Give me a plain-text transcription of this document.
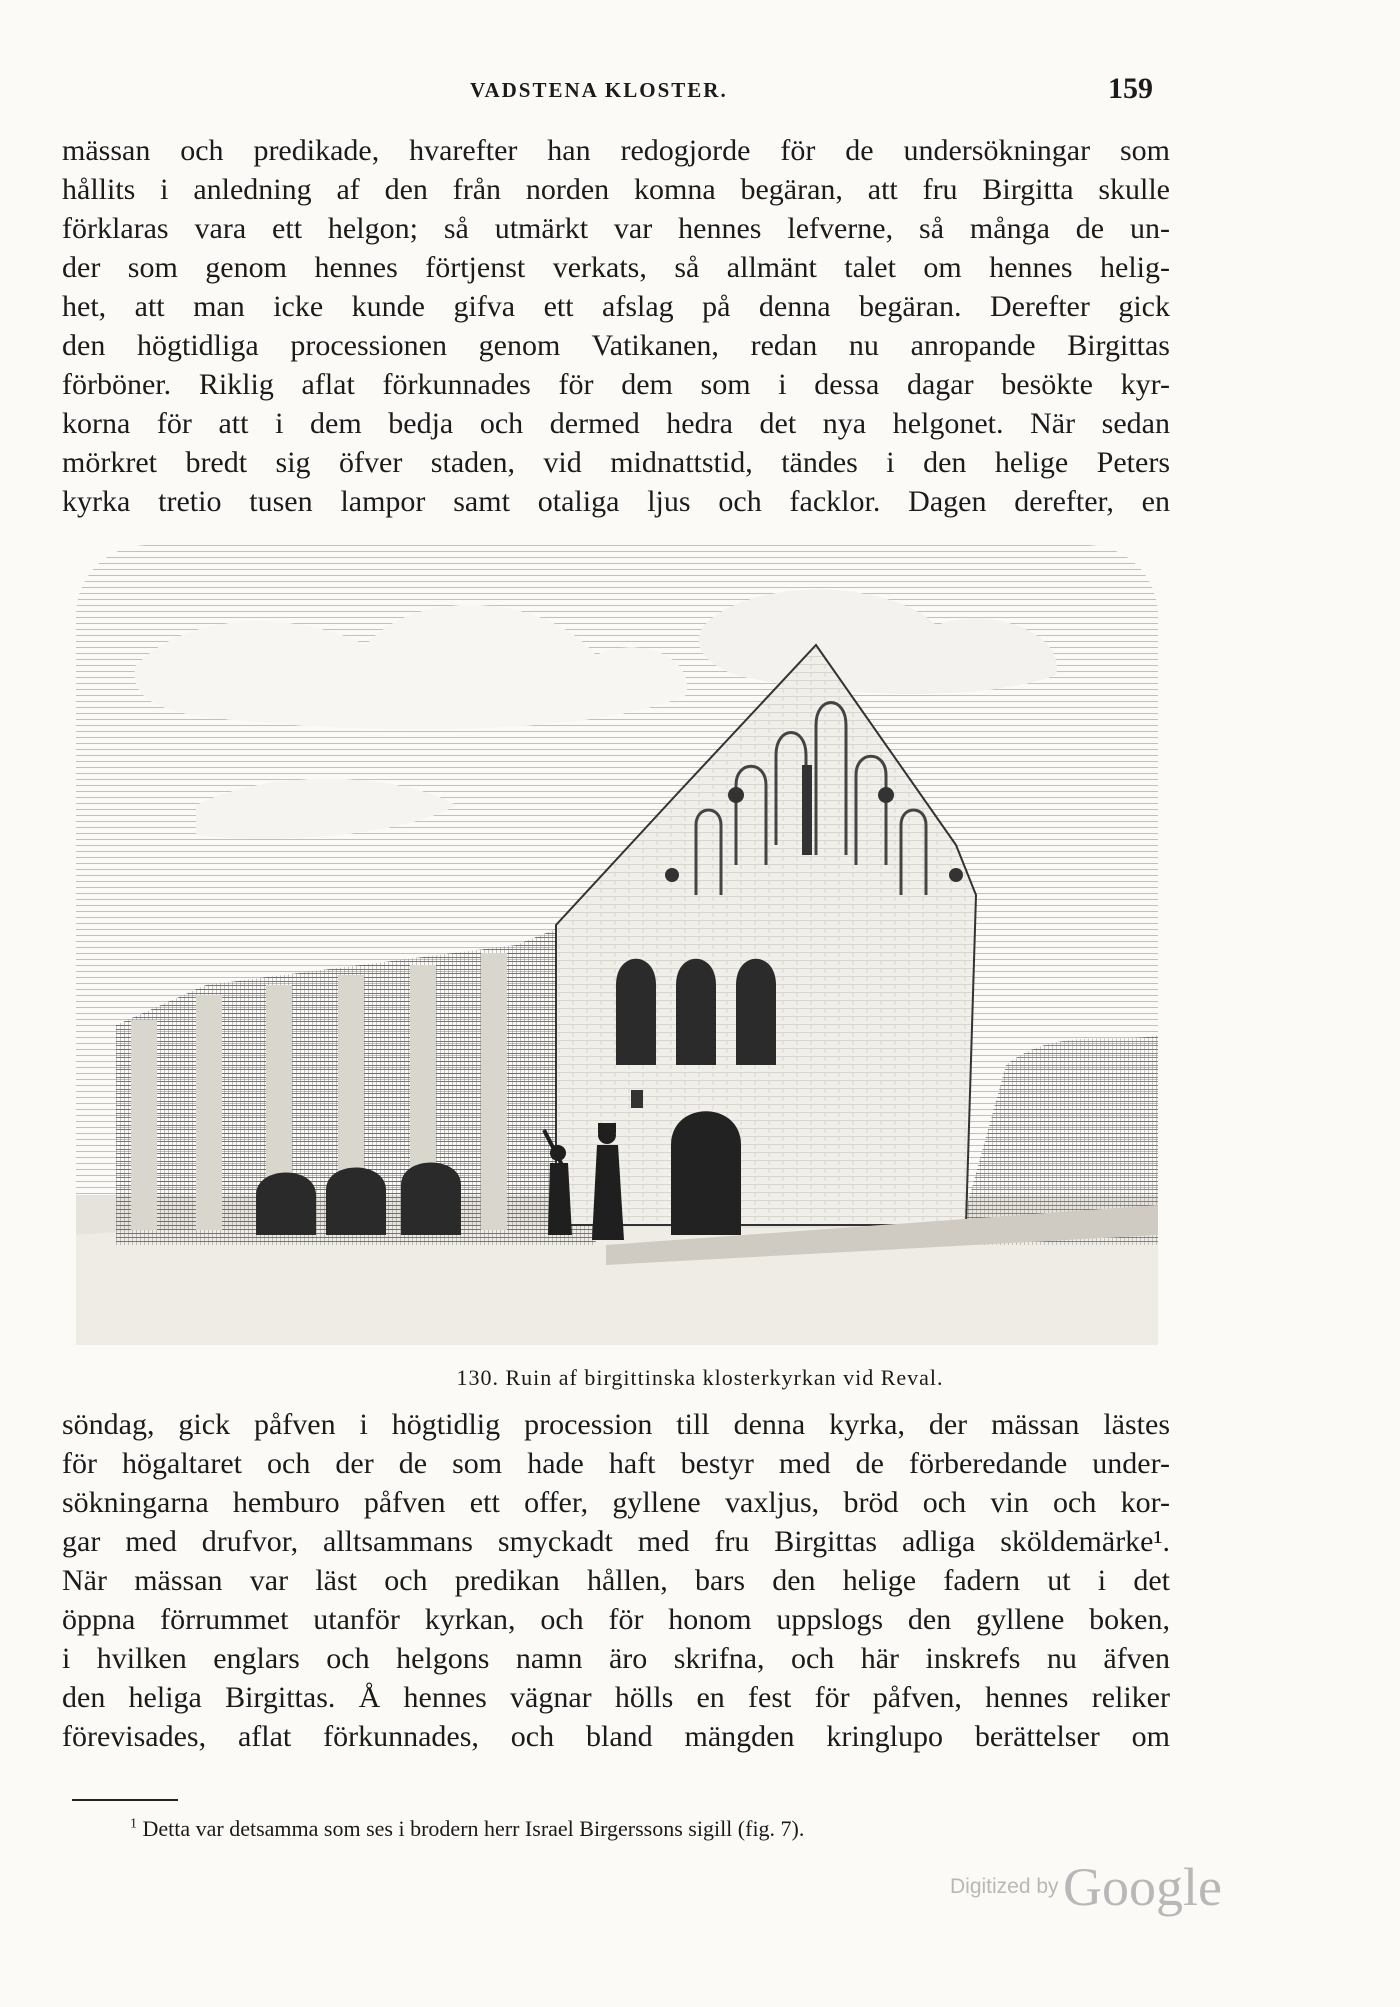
VADSTENA KLOSTER.	159
mässan och predikade, hvarefter han redogjorde för de undersökningar som
hållits i anledning af den från norden komna begäran, att fru Birgitta skulle
förklaras vara ett helgon; så utmärkt var hennes lefverne, så många de un-
der som genom hennes förtjenst verkats, så allmänt talet om hennes helig-
het, att man icke kunde gifva ett afslag på denna begäran. Derefter gick
den högtidliga processionen genom Vatikanen, redan nu anropande Birgittas
förböner. Riklig aflat förkunnades för dem som i dessa dagar besökte kyr-
korna för att i dem bedja och dermed hedra det nya helgonet. När sedan
mörkret bredt sig öfver staden, vid midnattstid, tändes i den helige Peters
kyrka tretio tusen lampor samt otaliga ljus och facklor. Dagen derefter, en
130. Ruin af birgittinska klosterkyrkan vid Reval.
söndag, gick påfven i högtidlig procession till denna kyrka, der mässan lästes
för högaltaret och der de som hade haft bestyr med de förberedande under-
sökningarna hemburo påfven ett offer, gyllene vaxljus, bröd och vin och kor-
gar med drufvor, alltsammans smyckadt med fru Birgittas adliga sköldemärke¹.
När mässan var läst och predikan hållen, bars den helige fadern ut i det
öppna förrummet utanför kyrkan, och för honom uppslogs den gyllene boken,
i hvilken englars och helgons namn äro skrifna, och här inskrefs nu äfven
den heliga Birgittas. Å hennes vägnar hölls en fest för påfven, hennes reliker
förevisades, aflat förkunnades, och bland mängden kringlupo berättelser om
$^1$ Detta var detsamma som ses i brodern herr Israel Birgerssons sigill (fig. 7).
Digitized by Google
